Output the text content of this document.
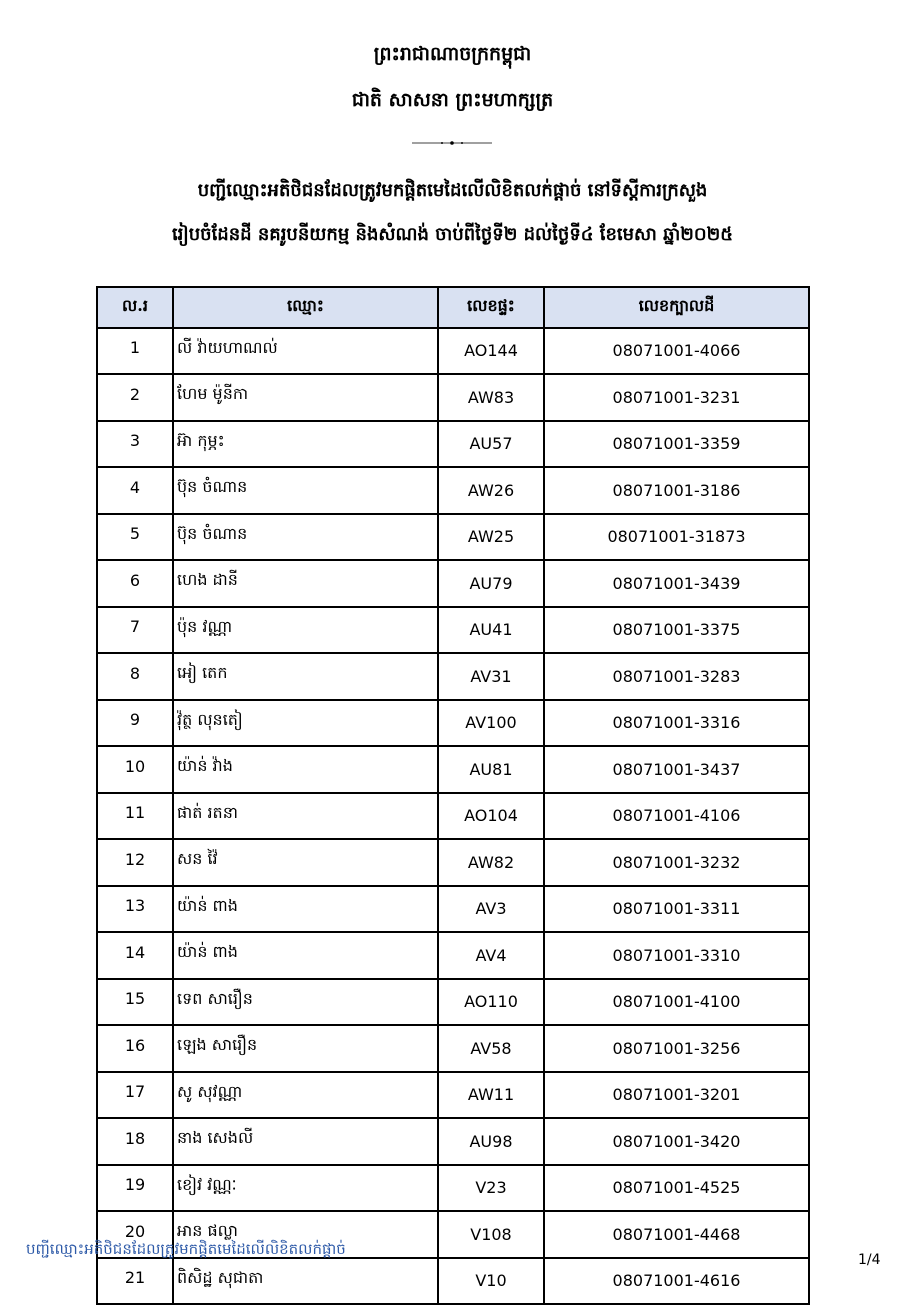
ព្រះរាជាណាចក្រកម្ពុជា
ជាតិ សាសនា ព្រះមហាក្សត្រ
បញ្ជីឈ្មោះអតិថិជនដែលត្រូវមកផ្ដិតមេដៃលើលិខិតលក់ផ្ដាច់ នៅទីស្ដីការក្រសួង
រៀបចំដែនដី នគរូបនីយកម្ម និងសំណង់ ចាប់ពីថ្ងៃទី២ ដល់ថ្ងៃទី៤ ខែមេសា ឆ្នាំ២០២៥
ល.រ	ឈ្មោះ	លេខផ្ទះ	លេខក្បាលដី
1	លី វ៉ាយហាណល់	AO144	08071001-4066
2	ហែម ម៉ូនីកា	AW83	08071001-3231
3	អ៊ា កុម្ភះ	AU57	08071001-3359
4	ប៊ុន ចំណាន	AW26	08071001-3186
5	ប៊ុន ចំណាន	AW25	08071001-31873
6	ហេង ដានី	AU79	08071001-3439
7	ប៉ុន វណ្ណា	AU41	08071001-3375
8	អៀ តេក	AV31	08071001-3283
9	វ៉ុត្ថ លុនតៀ	AV100	08071001-3316
10	យ៉ាន់ វ៉ាង	AU81	08071001-3437
11	ផាត់ រតនា	AO104	08071001-4106
12	សន វ៉ៃ	AW82	08071001-3232
13	យ៉ាន់ ពាង	AV3	08071001-3311
14	យ៉ាន់ ពាង	AV4	08071001-3310
15	ទេព សារឿន	AO110	08071001-4100
16	ឡេង សារឿន	AV58	08071001-3256
17	សូ សុវណ្ណា	AW11	08071001-3201
18	នាង សេងលី	AU98	08071001-3420
19	ខៀវ វណ្ណៈ	V23	08071001-4525
20	អាន ផល្លា	V108	08071001-4468
21	ពិសិដ្ឋ សុជាតា	V10	08071001-4616
បញ្ជីឈ្មោះអតិថិជនដែលត្រូវមកផ្ដិតមេដៃលើលិខិតលក់ផ្ដាច់
1/4
